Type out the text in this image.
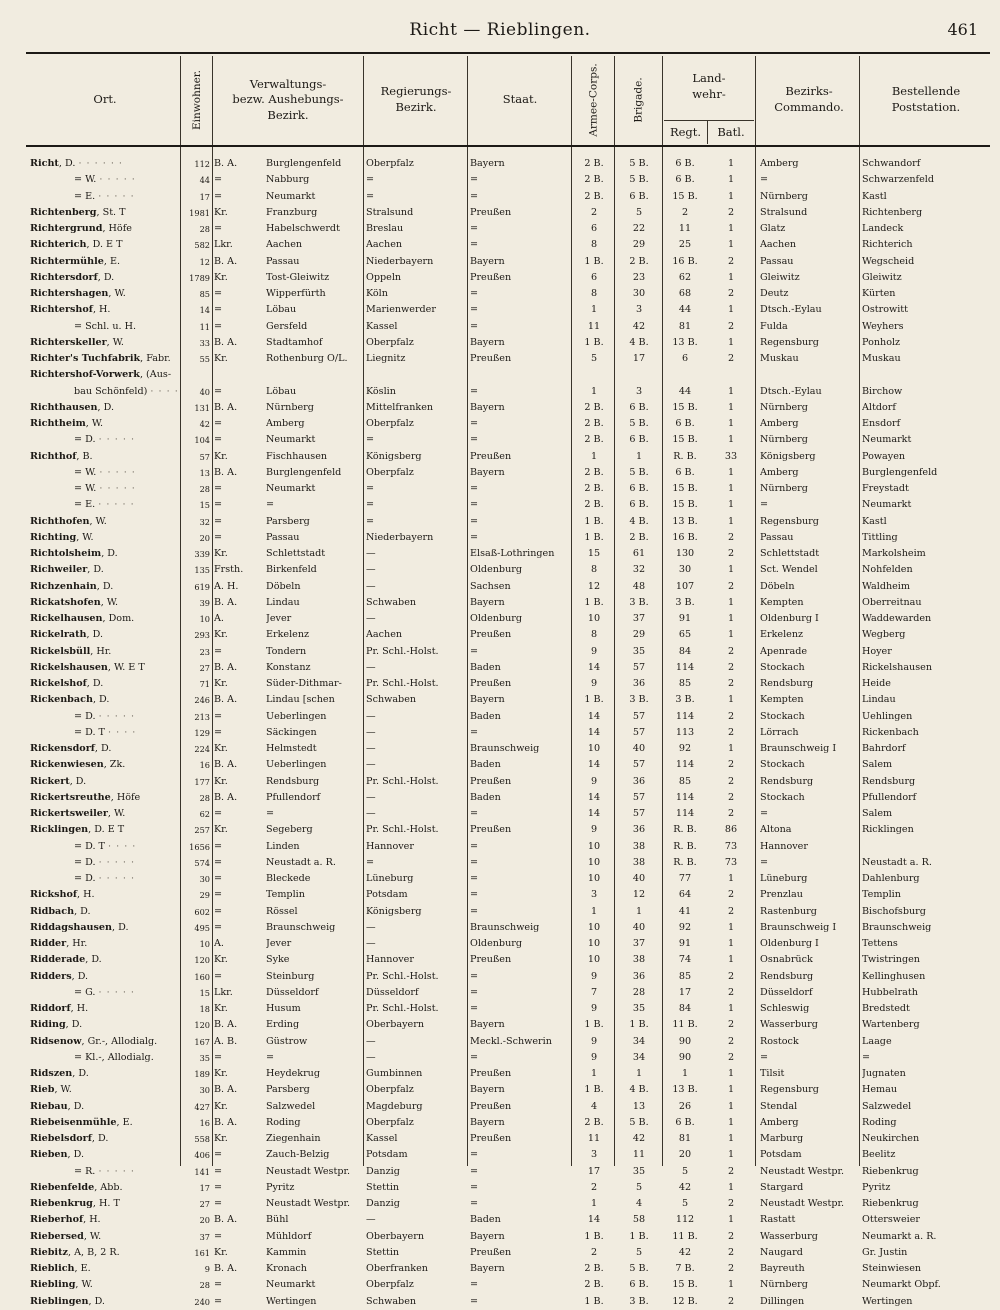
Richt — Rieblingen.	461
Ort.	Einwohner.	Verwaltungs-
bezw. Aushebungs-
Bezirk.
Regierungs-
Bezirk.
Staat.	Armee-Corps.	Brigade.	Land-
wehr-
Regt.	Batl.
Bezirks-
Commando.
Bestellende
Poststation.
Richt, D. · · · · · ·	112 B. A.	Burglengenfeld	Oberpfalz	Bayern	2 B.	5 B.	6 B.	1	Amberg	Schwandorf
= W. · · · · ·	44 =	Nabburg	=	=	2 B.	5 B.	6 B.	1	=	Schwarzenfeld
= E. · · · · ·	17 =	Neumarkt	=	=	2 B.	6 B.	15 B.	1	Nürnberg	Kastl
Richtenberg, St. T	1981 Kr.	Franzburg	Stralsund	Preußen	2	5	2	2	Stralsund	Richtenberg
Richtergrund, Höfe	28 =	Habelschwerdt	Breslau	=	6	22	11	1	Glatz	Landeck
Richterich, D. E T	582 Lkr.	Aachen	Aachen	=	8	29	25	1	Aachen	Richterich
Richtermühle, E.	12 B. A.	Passau	Niederbayern	Bayern	1 B.	2 B.	16 B.	2	Passau	Wegscheid
Richtersdorf, D.	1789 Kr.	Tost-Gleiwitz	Oppeln	Preußen	6	23	62	1	Gleiwitz	Gleiwitz
Richtershagen, W.	85 =	Wipperfürth	Köln	=	8	30	68	2	Deutz	Kürten
Richtershof, H.	14 =	Löbau	Marienwerder	=	1	3	44	1	Dtsch.-Eylau	Ostrowitt
= Schl. u. H.	11 =	Gersfeld	Kassel	=	11	42	81	2	Fulda	Weyhers
Richterskeller, W.	33 B. A.	Stadtamhof	Oberpfalz	Bayern	1 B.	4 B.	13 B.	1	Regensburg	Ponholz
Richter's Tuchfabrik, Fabr.	55 Kr.	Rothenburg O/L.	Liegnitz	Preußen	5	17	6	2	Muskau	Muskau
Richtershof-Vorwerk, (Aus-
bau Schönfeld) · · · ·	40 =	Löbau	Köslin	=	1	3	44	1	Dtsch.-Eylau	Birchow
Richthausen, D.	131 B. A.	Nürnberg	Mittelfranken	Bayern	2 B.	6 B.	15 B.	1	Nürnberg	Altdorf
Richtheim, W.	42 =	Amberg	Oberpfalz	=	2 B.	5 B.	6 B.	1	Amberg	Ensdorf
= D. · · · · ·	104 =	Neumarkt	=	=	2 B.	6 B.	15 B.	1	Nürnberg	Neumarkt
Richthof, B.	57 Kr.	Fischhausen	Königsberg	Preußen	1	1	R. B.	33	Königsberg	Powayen
= W. · · · · ·	13 B. A.	Burglengenfeld	Oberpfalz	Bayern	2 B.	5 B.	6 B.	1	Amberg	Burglengenfeld
= W. · · · · ·	28 =	Neumarkt	=	=	2 B.	6 B.	15 B.	1	Nürnberg	Freystadt
= E. · · · · ·	15 =	=	=	=	2 B.	6 B.	15 B.	1	=	Neumarkt
Richthofen, W.	32 =	Parsberg	=	=	1 B.	4 B.	13 B.	1	Regensburg	Kastl
Richting, W.	20 =	Passau	Niederbayern	=	1 B.	2 B.	16 B.	2	Passau	Tittling
Richtolsheim, D.	339 Kr.	Schlettstadt	—	Elsaß-Lothringen	15	61	130	2	Schlettstadt	Markolsheim
Richweiler, D.	135 Frsth.	Birkenfeld	—	Oldenburg	8	32	30	1	Sct. Wendel	Nohfelden
Richzenhain, D.	619 A. H.	Döbeln	—	Sachsen	12	48	107	2	Döbeln	Waldheim
Rickatshofen, W.	39 B. A.	Lindau	Schwaben	Bayern	1 B.	3 B.	3 B.	1	Kempten	Oberreitnau
Rickelhausen, Dom.	10 A.	Jever	—	Oldenburg	10	37	91	1	Oldenburg I	Waddewarden
Rickelrath, D.	293 Kr.	Erkelenz	Aachen	Preußen	8	29	65	1	Erkelenz	Wegberg
Rickelsbüll, Hr.	23 =	Tondern	Pr. Schl.-Holst.	=	9	35	84	2	Apenrade	Hoyer
Rickelshausen, W. E T	27 B. A.	Konstanz	—	Baden	14	57	114	2	Stockach	Rickelshausen
Rickelshof, D.	71 Kr.	Süder-Dithmar-	Pr. Schl.-Holst.	Preußen	9	36	85	2	Rendsburg	Heide
Rickenbach, D.	246 B. A.	Lindau [schen	Schwaben	Bayern	1 B.	3 B.	3 B.	1	Kempten	Lindau
= D. · · · · ·	213 =	Ueberlingen	—	Baden	14	57	114	2	Stockach	Uehlingen
= D. T · · · ·	129 =	Säckingen	—	=	14	57	113	2	Lörrach	Rickenbach
Rickensdorf, D.	224 Kr.	Helmstedt	—	Braunschweig	10	40	92	1	Braunschweig I	Bahrdorf
Rickenwiesen, Zk.	16 B. A.	Ueberlingen	—	Baden	14	57	114	2	Stockach	Salem
Rickert, D.	177 Kr.	Rendsburg	Pr. Schl.-Holst.	Preußen	9	36	85	2	Rendsburg	Rendsburg
Rickertsreuthe, Höfe	28 B. A.	Pfullendorf	—	Baden	14	57	114	2	Stockach	Pfullendorf
Rickertsweiler, W.	62 =	=	—	=	14	57	114	2	=	Salem
Ricklingen, D. E T	257 Kr.	Segeberg	Pr. Schl.-Holst.	Preußen	9	36	R. B.	86	Altona	Ricklingen
= D. T · · · ·	1656 =	Linden	Hannover	=	10	38	R. B.	73	Hannover
= D. · · · · ·	574 =	Neustadt a. R.	=	=	10	38	R. B.	73	=	Neustadt a. R.
= D. · · · · ·	30 =	Bleckede	Lüneburg	=	10	40	77	1	Lüneburg	Dahlenburg
Rickshof, H.	29 =	Templin	Potsdam	=	3	12	64	2	Prenzlau	Templin
Ridbach, D.	602 =	Rössel	Königsberg	=	1	1	41	2	Rastenburg	Bischofsburg
Riddagshausen, D.	495 =	Braunschweig	—	Braunschweig	10	40	92	1	Braunschweig I	Braunschweig
Ridder, Hr.	10 A.	Jever	—	Oldenburg	10	37	91	1	Oldenburg I	Tettens
Ridderade, D.	120 Kr.	Syke	Hannover	Preußen	10	38	74	1	Osnabrück	Twistringen
Ridders, D.	160 =	Steinburg	Pr. Schl.-Holst.	=	9	36	85	2	Rendsburg	Kellinghusen
= G. · · · · ·	15 Lkr.	Düsseldorf	Düsseldorf	=	7	28	17	2	Düsseldorf	Hubbelrath
Riddorf, H.	18 Kr.	Husum	Pr. Schl.-Holst.	=	9	35	84	1	Schleswig	Bredstedt
Riding, D.	120 B. A.	Erding	Oberbayern	Bayern	1 B.	1 B.	11 B.	2	Wasserburg	Wartenberg
Ridsenow, Gr.-, Allodialg.	167 A. B.	Güstrow	—	Meckl.-Schwerin	9	34	90	2	Rostock	Laage
= Kl.-, Allodialg.	35 =	=	—	=	9	34	90	2	=	=
Ridszen, D.	189 Kr.	Heydekrug	Gumbinnen	Preußen	1	1	1	1	Tilsit	Jugnaten
Rieb, W.	30 B. A.	Parsberg	Oberpfalz	Bayern	1 B.	4 B.	13 B.	1	Regensburg	Hemau
Riebau, D.	427 Kr.	Salzwedel	Magdeburg	Preußen	4	13	26	1	Stendal	Salzwedel
Riebeisenmühle, E.	16 B. A.	Roding	Oberpfalz	Bayern	2 B.	5 B.	6 B.	1	Amberg	Roding
Riebelsdorf, D.	558 Kr.	Ziegenhain	Kassel	Preußen	11	42	81	1	Marburg	Neukirchen
Rieben, D.	406 =	Zauch-Belzig	Potsdam	=	3	11	20	1	Potsdam	Beelitz
= R. · · · · ·	141 =	Neustadt Westpr.	Danzig	=	17	35	5	2	Neustadt Westpr.	Riebenkrug
Riebenfelde, Abb.	17 =	Pyritz	Stettin	=	2	5	42	1	Stargard	Pyritz
Riebenkrug, H. T	27 =	Neustadt Westpr.	Danzig	=	1	4	5	2	Neustadt Westpr.	Riebenkrug
Rieberhof, H.	20 B. A.	Bühl	—	Baden	14	58	112	1	Rastatt	Ottersweier
Riebersed, W.	37 =	Mühldorf	Oberbayern	Bayern	1 B.	1 B.	11 B.	2	Wasserburg	Neumarkt a. R.
Riebitz, A, B, 2 R.	161 Kr.	Kammin	Stettin	Preußen	2	5	42	2	Naugard	Gr. Justin
Rieblich, E.	9 B. A.	Kronach	Oberfranken	Bayern	2 B.	5 B.	7 B.	2	Bayreuth	Steinwiesen
Riebling, W.	28 =	Neumarkt	Oberpfalz	=	2 B.	6 B.	15 B.	1	Nürnberg	Neumarkt Obpf.
Rieblingen, D.	240 =	Wertingen	Schwaben	=	1 B.	3 B.	12 B.	2	Dillingen	Wertingen
